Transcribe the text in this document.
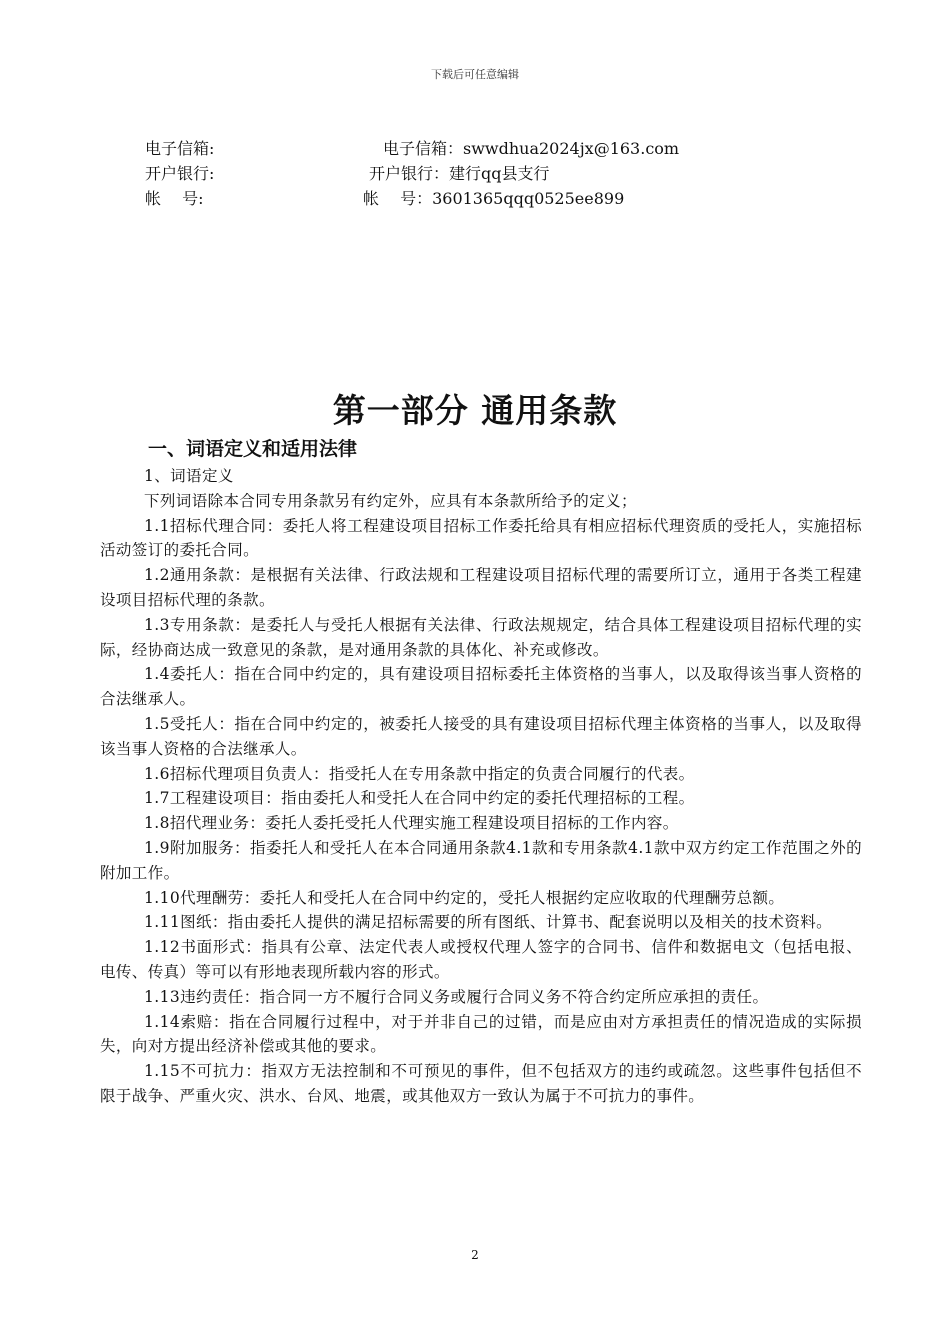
下载后可任意编辑
电子信箱:
开户银行:
帐　 号:
电子信箱：swwdhua2024jx@163.com
开户银行：建行qq县支行
帐　 号：3601365qqq0525ee899
第一部分 通用条款
一、词语定义和适用法律

1、词语定义

下列词语除本合同专用条款另有约定外，应具有本条款所给予的定义；

1.1招标代理合同：委托人将工程建设项目招标工作委托给具有相应招标代理资质的受托人，实施招标活动签订的委托合同。

1.2通用条款：是根据有关法律、行政法规和工程建设项目招标代理的需要所订立，通用于各类工程建设项目招标代理的条款。

1.3专用条款：是委托人与受托人根据有关法律、行政法规规定，结合具体工程建设项目招标代理的实际，经协商达成一致意见的条款，是对通用条款的具体化、补充或修改。

1.4委托人：指在合同中约定的，具有建设项目招标委托主体资格的当事人，以及取得该当事人资格的合法继承人。

1.5受托人：指在合同中约定的，被委托人接受的具有建设项目招标代理主体资格的当事人，以及取得该当事人资格的合法继承人。

1.6招标代理项目负责人：指受托人在专用条款中指定的负责合同履行的代表。

1.7工程建设项目：指由委托人和受托人在合同中约定的委托代理招标的工程。

1.8招代理业务：委托人委托受托人代理实施工程建设项目招标的工作内容。

1.9附加服务：指委托人和受托人在本合同通用条款4.1款和专用条款4.1款中双方约定工作范围之外的附加工作。

1.10代理酬劳：委托人和受托人在合同中约定的，受托人根据约定应收取的代理酬劳总额。

1.11图纸：指由委托人提供的满足招标需要的所有图纸、计算书、配套说明以及相关的技术资料。

1.12书面形式：指具有公章、法定代表人或授权代理人签字的合同书、信件和数据电文（包括电报、电传、传真）等可以有形地表现所载内容的形式。

1.13违约责任：指合同一方不履行合同义务或履行合同义务不符合约定所应承担的责任。

1.14索赔：指在合同履行过程中，对于并非自己的过错，而是应由对方承担责任的情况造成的实际损失，向对方提出经济补偿或其他的要求。

1.15不可抗力：指双方无法控制和不可预见的事件，但不包括双方的违约或疏忽。这些事件包括但不限于战争、严重火灾、洪水、台风、地震，或其他双方一致认为属于不可抗力的事件。

2
